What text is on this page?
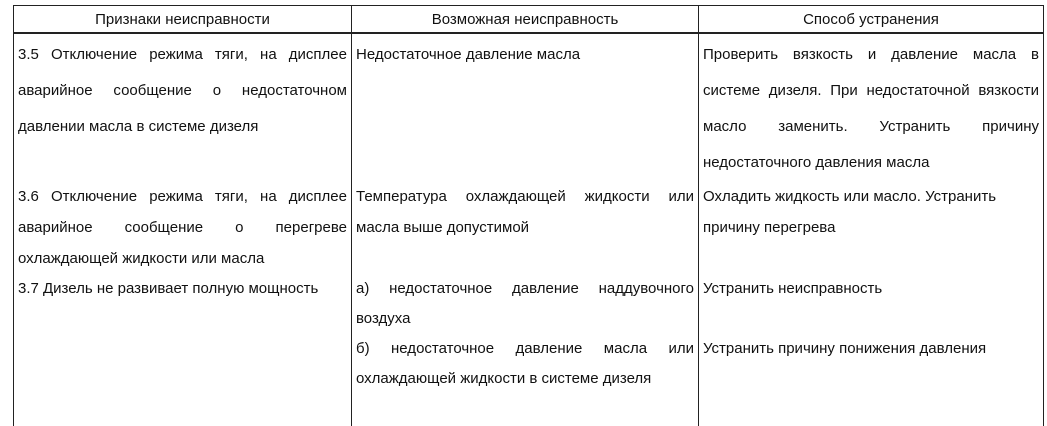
Признаки неисправности	Возможная неисправность	Способ устранения

3.5 Отключение режима тяги, на дисплее аварийное сообщение о недостаточном давлении масла в системе дизеля	Недостаточное давление масла	Проверить вязкость и давление масла в системе дизеля. При недостаточной вязкости масло заменить. Устранить причину недостаточного давления масла

3.6 Отключение режима тяги, на дисплее аварийное сообщение о перегреве охлаждающей жидкости или масла	Температура охлаждающей жидкости или масла выше допустимой	Охладить жидкость или масло. Устранить причину перегрева

3.7 Дизель не развивает полную мощность	а) недостаточное давление наддувочного воздуха	Устранить неисправность

	б) недостаточное давление масла или охлаждающей жидкости в системе дизеля	Устранить причину понижения давления
